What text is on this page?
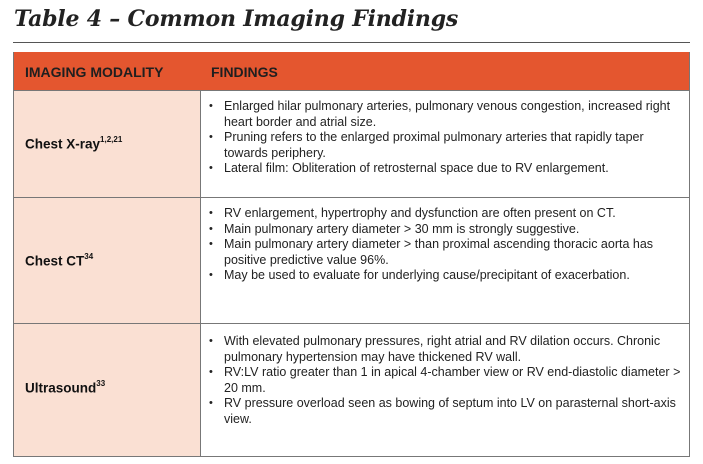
Table 4 – Common Imaging Findings
IMAGING MODALITY	FINDINGS
Chest X-ray$^{1,2,21}$
• Enlarged hilar pulmonary arteries, pulmonary venous congestion, increased right heart border and atrial size.
• Pruning refers to the enlarged proximal pulmonary arteries that rapidly taper towards periphery.
• Lateral film: Obliteration of retrosternal space due to RV enlargement.
Chest CT$^{34}$
• RV enlargement, hypertrophy and dysfunction are often present on CT.
• Main pulmonary artery diameter > 30 mm is strongly suggestive.
• Main pulmonary artery diameter > than proximal ascending thoracic aorta has positive predictive value 96%.
• May be used to evaluate for underlying cause/precipitant of exacerbation.
Ultrasound$^{33}$
• With elevated pulmonary pressures, right atrial and RV dilation occurs. Chronic pulmonary hypertension may have thickened RV wall.
• RV:LV ratio greater than 1 in apical 4-chamber view or RV end-diastolic diameter > 20 mm.
• RV pressure overload seen as bowing of septum into LV on parasternal short-axis view.
